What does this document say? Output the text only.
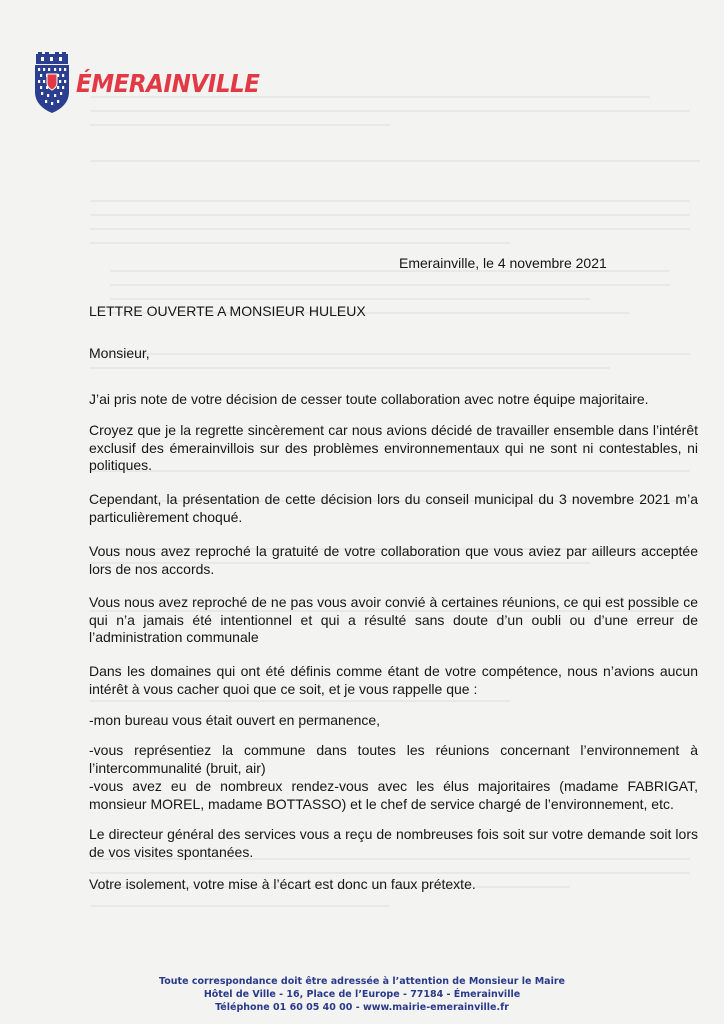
ÉMERAINVILLE
Emerainville, le 4 novembre 2021
LETTRE OUVERTE A MONSIEUR HULEUX
Monsieur,
J’ai pris note de votre décision de cesser toute collaboration avec notre équipe majoritaire.
Croyez que je la regrette sincèrement car nous avions décidé de travailler ensemble dans l’intérêt exclusif des émerainvillois sur des problèmes environnementaux qui ne sont ni contestables, ni politiques.
Cependant, la présentation de cette décision lors du conseil municipal du 3 novembre 2021 m’a particulièrement choqué.
Vous nous avez reproché la gratuité de votre collaboration que vous aviez par ailleurs acceptée lors de nos accords.
Vous nous avez reproché de ne pas vous avoir convié à certaines réunions, ce qui est possible ce qui n’a jamais été intentionnel et qui a résulté sans doute d’un oubli ou d’une erreur de l’administration communale
Dans les domaines qui ont été définis comme étant de votre compétence, nous n’avions aucun intérêt à vous cacher quoi que ce soit, et je vous rappelle que :
-mon bureau vous était ouvert en permanence,
-vous représentiez la commune dans toutes les réunions concernant l’environnement à l’intercommunalité (bruit, air)
-vous avez eu de nombreux rendez-vous avec les élus majoritaires (madame FABRIGAT, monsieur MOREL, madame BOTTASSO) et le chef de service chargé de l’environnement, etc.
Le directeur général des services vous a reçu de nombreuses fois soit sur votre demande soit lors de vos visites spontanées.
Votre isolement, votre mise à l’écart est donc un faux prétexte.
Toute correspondance doit être adressée à l’attention de Monsieur le Maire
Hôtel de Ville - 16, Place de l’Europe - 77184 - Émerainville
Téléphone 01 60 05 40 00 - www.mairie-emerainville.fr
